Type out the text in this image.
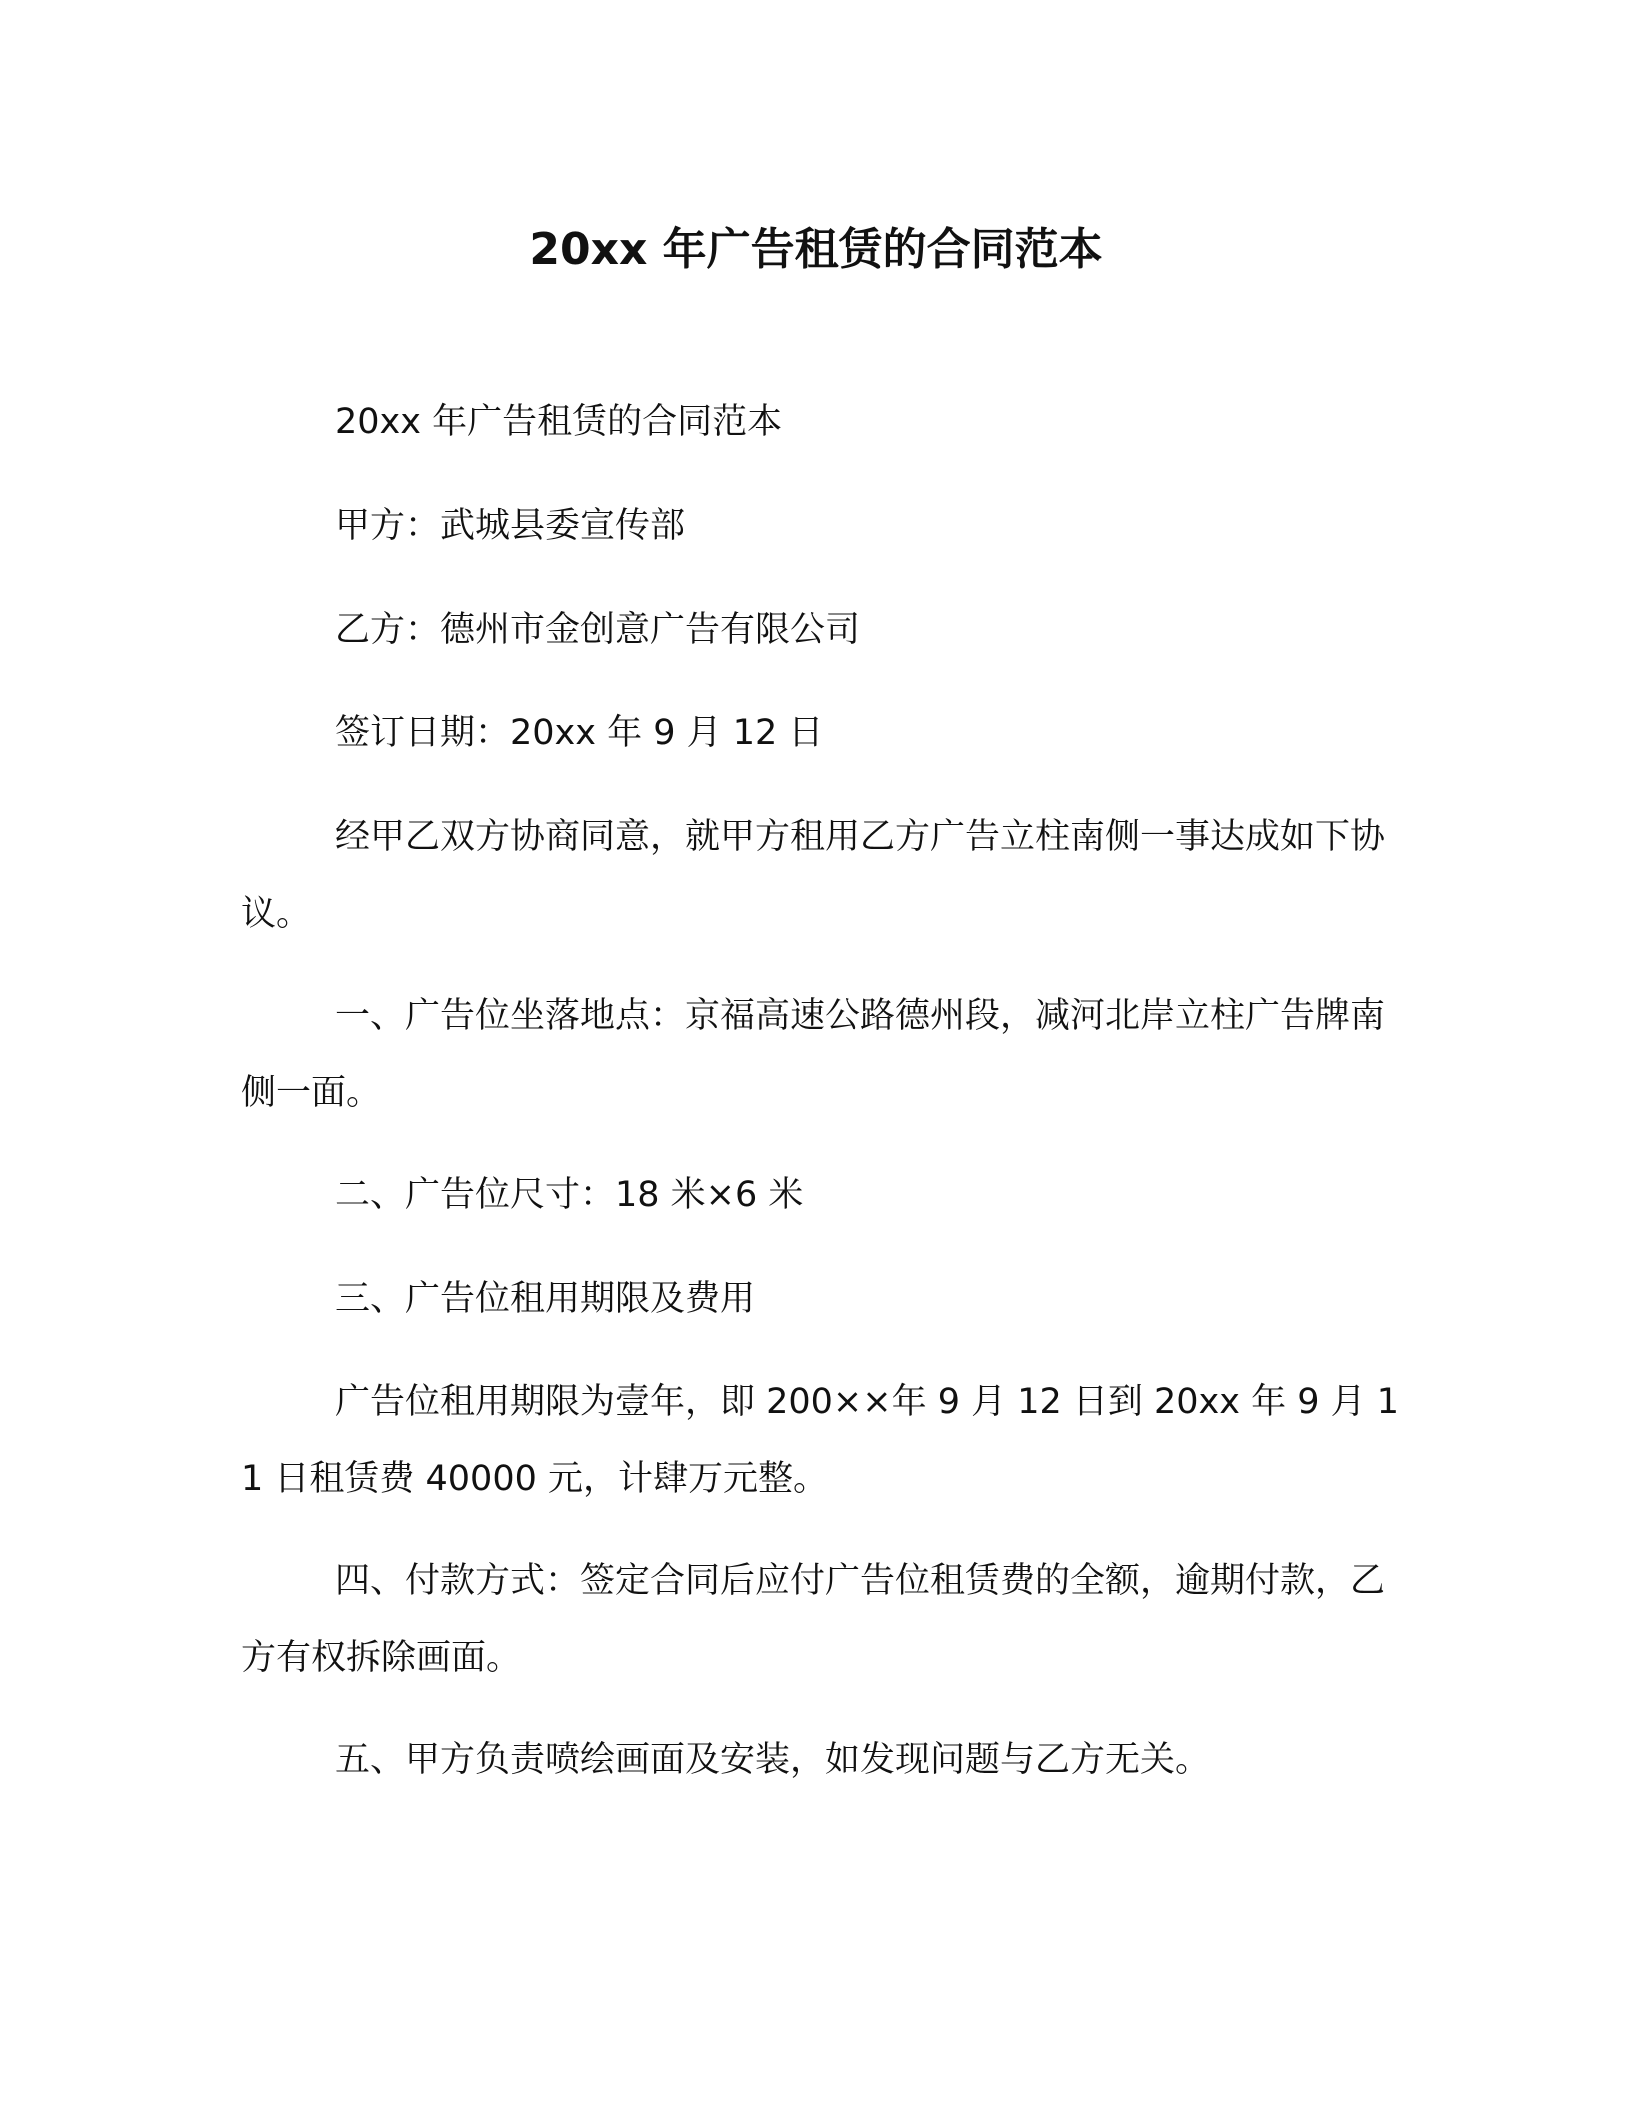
20xx 年广告租赁的合同范本

20xx 年广告租赁的合同范本

甲方：武城县委宣传部

乙方：德州市金创意广告有限公司

签订日期：20xx 年 9 月 12 日

经甲乙双方协商同意，就甲方租用乙方广告立柱南侧一事达成如下协议。

一、广告位坐落地点：京福高速公路德州段，减河北岸立柱广告牌南侧一面。

二、广告位尺寸：18 米×6 米

三、广告位租用期限及费用

广告位租用期限为壹年，即 200××年 9 月 12 日到 20xx 年 9 月 11 日租赁费 40000 元，计肆万元整。

四、付款方式：签定合同后应付广告位租赁费的全额，逾期付款，乙方有权拆除画面。

五、甲方负责喷绘画面及安装，如发现问题与乙方无关。
